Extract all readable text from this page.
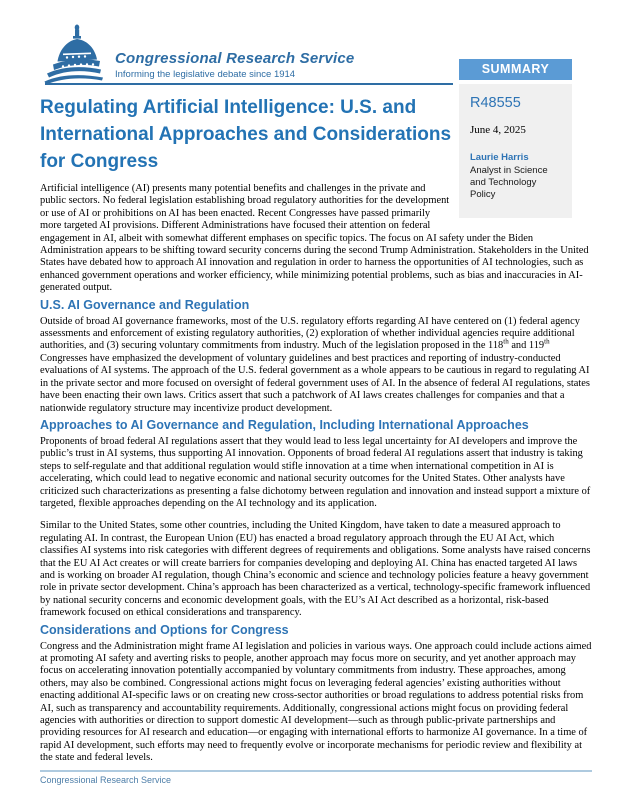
Congressional Research Service
Informing the legislative debate since 1914	SUMMARY
R48555
June 4, 2025
Laurie Harris
Analyst in Science and Technology Policy
Regulating Artificial Intelligence: U.S. and International Approaches and Considerations for Congress

Artificial intelligence (AI) presents many potential benefits and challenges in the private and public sectors. No federal legislation establishing broad regulatory authorities for the development or use of AI or prohibitions on AI has been enacted. Recent Congresses have passed primarily more targeted AI provisions. Different Administrations have focused their attention on federal engagement in AI, albeit with somewhat different emphases on specific topics. The focus on AI safety under the Biden Administration appears to be shifting toward security concerns during the second Trump Administration. Stakeholders in the United States have debated how to approach AI innovation and regulation in order to harness the opportunities of AI technologies, such as enhanced government operations and worker efficiency, while minimizing potential problems, such as bias and inaccuracies in AI-generated output.

U.S. AI Governance and Regulation

Outside of broad AI governance frameworks, most of the U.S. regulatory efforts regarding AI have centered on (1) federal agency assessments and enforcement of existing regulatory authorities, (2) exploration of whether individual agencies require additional authorities, and (3) securing voluntary commitments from industry. Much of the legislation proposed in the 118th and 119th Congresses have emphasized the development of voluntary guidelines and best practices and reporting of industry-conducted evaluations of AI systems. The approach of the U.S. federal government as a whole appears to be cautious in regard to regulating AI in the private sector and more focused on oversight of federal government uses of AI. In the absence of federal AI regulations, states have been enacting their own laws. Critics assert that such a patchwork of AI laws creates challenges for companies and that a nationwide regulatory structure may incentivize product development.

Approaches to AI Governance and Regulation, Including International Approaches

Proponents of broad federal AI regulations assert that they would lead to less legal uncertainty for AI developers and improve the public’s trust in AI systems, thus supporting AI innovation. Opponents of broad federal AI regulations assert that industry is taking steps to self-regulate and that additional regulation would stifle innovation at a time when international competition in AI is accelerating, which could lead to negative economic and national security outcomes for the United States. Other analysts have criticized such characterizations as presenting a false dichotomy between regulation and innovation and instead support a mixture of targeted, flexible approaches depending on the AI technology and its application.

Similar to the United States, some other countries, including the United Kingdom, have taken to date a measured approach to regulating AI. In contrast, the European Union (EU) has enacted a broad regulatory approach through the EU AI Act, which classifies AI systems into risk categories with different degrees of requirements and obligations. Some analysts have raised concerns that the EU AI Act creates or will create barriers for companies developing and deploying AI. China has enacted targeted AI laws and is working on broader AI regulation, though China’s economic and science and technology policies feature a heavy government role in private sector development. China’s approach has been characterized as a vertical, technology-specific framework influenced by national security concerns and economic development goals, with the EU’s AI Act described as a horizontal, risk-based framework focused on ethical considerations and transparency.

Considerations and Options for Congress

Congress and the Administration might frame AI legislation and policies in various ways. One approach could include actions aimed at promoting AI safety and averting risks to people, another approach may focus more on security, and yet another approach may focus on accelerating innovation potentially accompanied by voluntary commitments from industry. These approaches, among others, may also be combined. Congressional actions might focus on leveraging federal agencies’ existing authorities without enacting additional AI-specific laws or on creating new cross-sector authorities or broad regulations to address potential risks from AI, such as transparency and accountability requirements. Additionally, congressional actions might focus on providing federal agencies with authorities or direction to support domestic AI development—such as through public-private partnerships and providing resources for AI research and education—or engaging with international efforts to harmonize AI governance. In a time of rapid AI development, such efforts may need to frequently evolve or incorporate mechanisms for periodic review and flexibility at the state and federal levels.

Congressional Research Service
